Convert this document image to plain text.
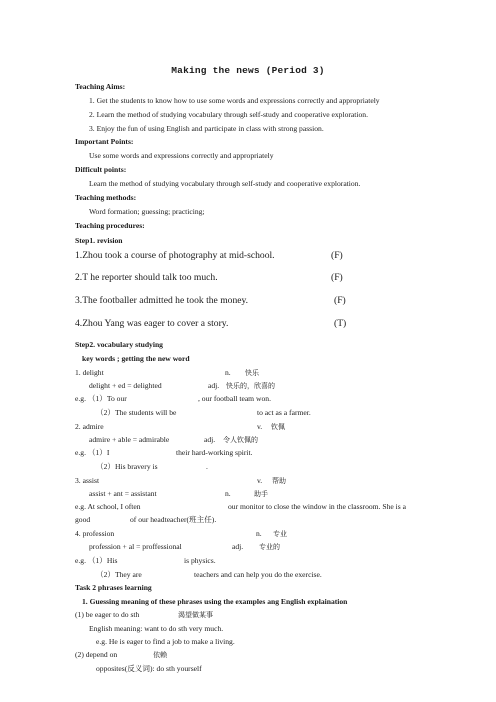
Making the news (Period 3)
Teaching Aims:
1. Get the students to know how to use some words and expressions correctly and appropriately
2. Learn the method of studying vocabulary through self-study and cooperative exploration.
3. Enjoy the fun of using English and participate in class with strong passion.
Important Points:
Use some words and expressions correctly and appropriately
Difficult points:
Learn the method of studying vocabulary through self-study and cooperative exploration.
Teaching methods:
Word formation; guessing; practicing;
Teaching procedures:
Step1. revision
1.Zhou took a course of photography at mid-school.	(F)
2.T he reporter should talk too much.	(F)
3.The footballer admitted he took the money.	(F)
4.Zhou Yang was eager to cover a story.	(T)
Step2. vocabulary studying
key words ; getting the new word
1. delight	n. 快乐
delight + ed = delighted	adj. 快乐的，欣喜的
e.g. （1）To our	, our football team won.
（2）The students will be	to act as a farmer.
2. admire	v. 钦佩
admire + able = admirable	adj. 令人钦佩的
e.g. （1）I	their hard-working spirit.
（2）His bravery is	.
3. assist	v. 帮助
assist + ant = assistant	n.	助手
e.g. At school, I often	our monitor to close the window in the classroom. She is a
good	of our headteacher(班主任).
4. profession	n. 专业
profession + al = proffessional	adj. 专业的
e.g. （1）His	is physics.
（2）They are	teachers and can help you do the exercise.
Task 2 phrases learning
1. Guessing meaning of these phrases using the examples ang English explaination
(1) be eager to do sth	渴望做某事
English meaning: want to do sth very much.
e.g. He is eager to find a job to make a living.
(2) depend on	依赖
opposites(反义词): do sth yourself
